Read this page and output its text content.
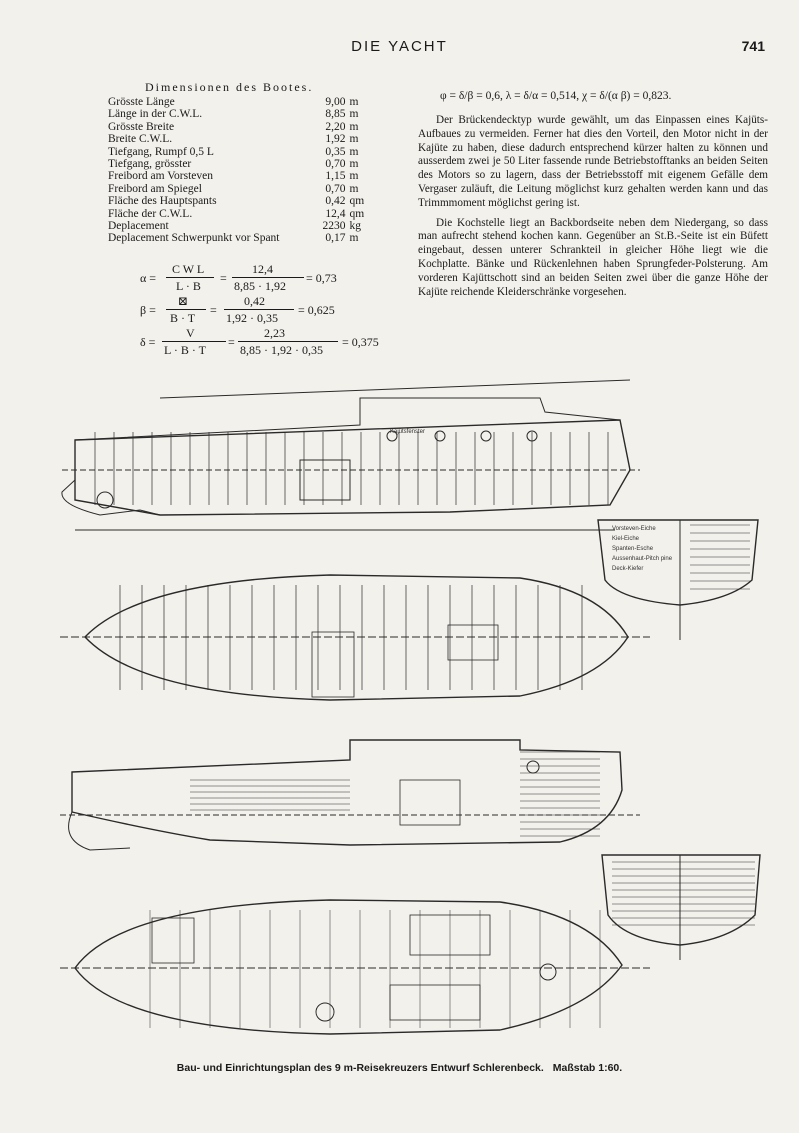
DIE YACHT	741
Dimensionen des Bootes.
Grösste Länge	9,00	m
Länge in der C.W.L.	8,85	m
Grösste Breite	2,20	m
Breite C.W.L.	1,92	m
Tiefgang, Rumpf 0,5 L	0,35	m
Tiefgang, grösster	0,70	m
Freibord am Vorsteven	1,15	m
Freibord am Spiegel	0,70	m
Fläche des Hauptspants	0,42	qm
Fläche der C.W.L.	12,4	qm
Deplacement	2230	kg
Deplacement Schwerpunkt vor Spant	0,17	m
α =
C W L
L · B
=
12,4
8,85 · 1,92
= 0,73
β =
⊠
B · T
=
0,42
1,92 · 0,35
= 0,625
δ =
V
L · B · T
=
2,23
8,85 · 1,92 · 0,35
= 0,375
φ = δ/β = 0,6, λ = δ/α = 0,514, χ = δ/(α β) = 0,823.

Der Brückendecktyp wurde gewählt, um das Einpassen eines Kajüts-Aufbaues zu vermeiden. Ferner hat dies den Vorteil, den Motor nicht in der Kajüte zu haben, diese dadurch entsprechend kürzer halten zu können und ausserdem zwei je 50 Liter fassende runde Betriebstofftanks an beiden Seiten des Motors so zu lagern, dass der Betriebsstoff mit eigenem Gefälle dem Vergaser zuläuft, die Leitung möglichst kurz gehalten werden kann und das Trimmmoment möglichst gering ist.

Die Kochstelle liegt an Backbordseite neben dem Niedergang, so dass man aufrecht stehend kochen kann. Gegenüber an St.B.-Seite ist ein Büfett eingebaut, dessen unterer Schrankteil in gleicher Höhe liegt wie die Kochplatte. Bänke und Rückenlehnen haben Sprungfeder-Polsterung. Am vorderen Kajüttschott sind an beiden Seiten zwei über die ganze Höhe der Kajüte reichende Kleiderschränke vorgesehen.

Kajütsfenster
Vorsteven-Eiche
Kiel-Eiche
Spanten-Esche
Aussenhaut-Pitch pine
Deck-Kiefer
Bau- und Einrichtungsplan des 9 m-Reisekreuzers Entwurf Schlerenbeck. Maßstab 1:60.
